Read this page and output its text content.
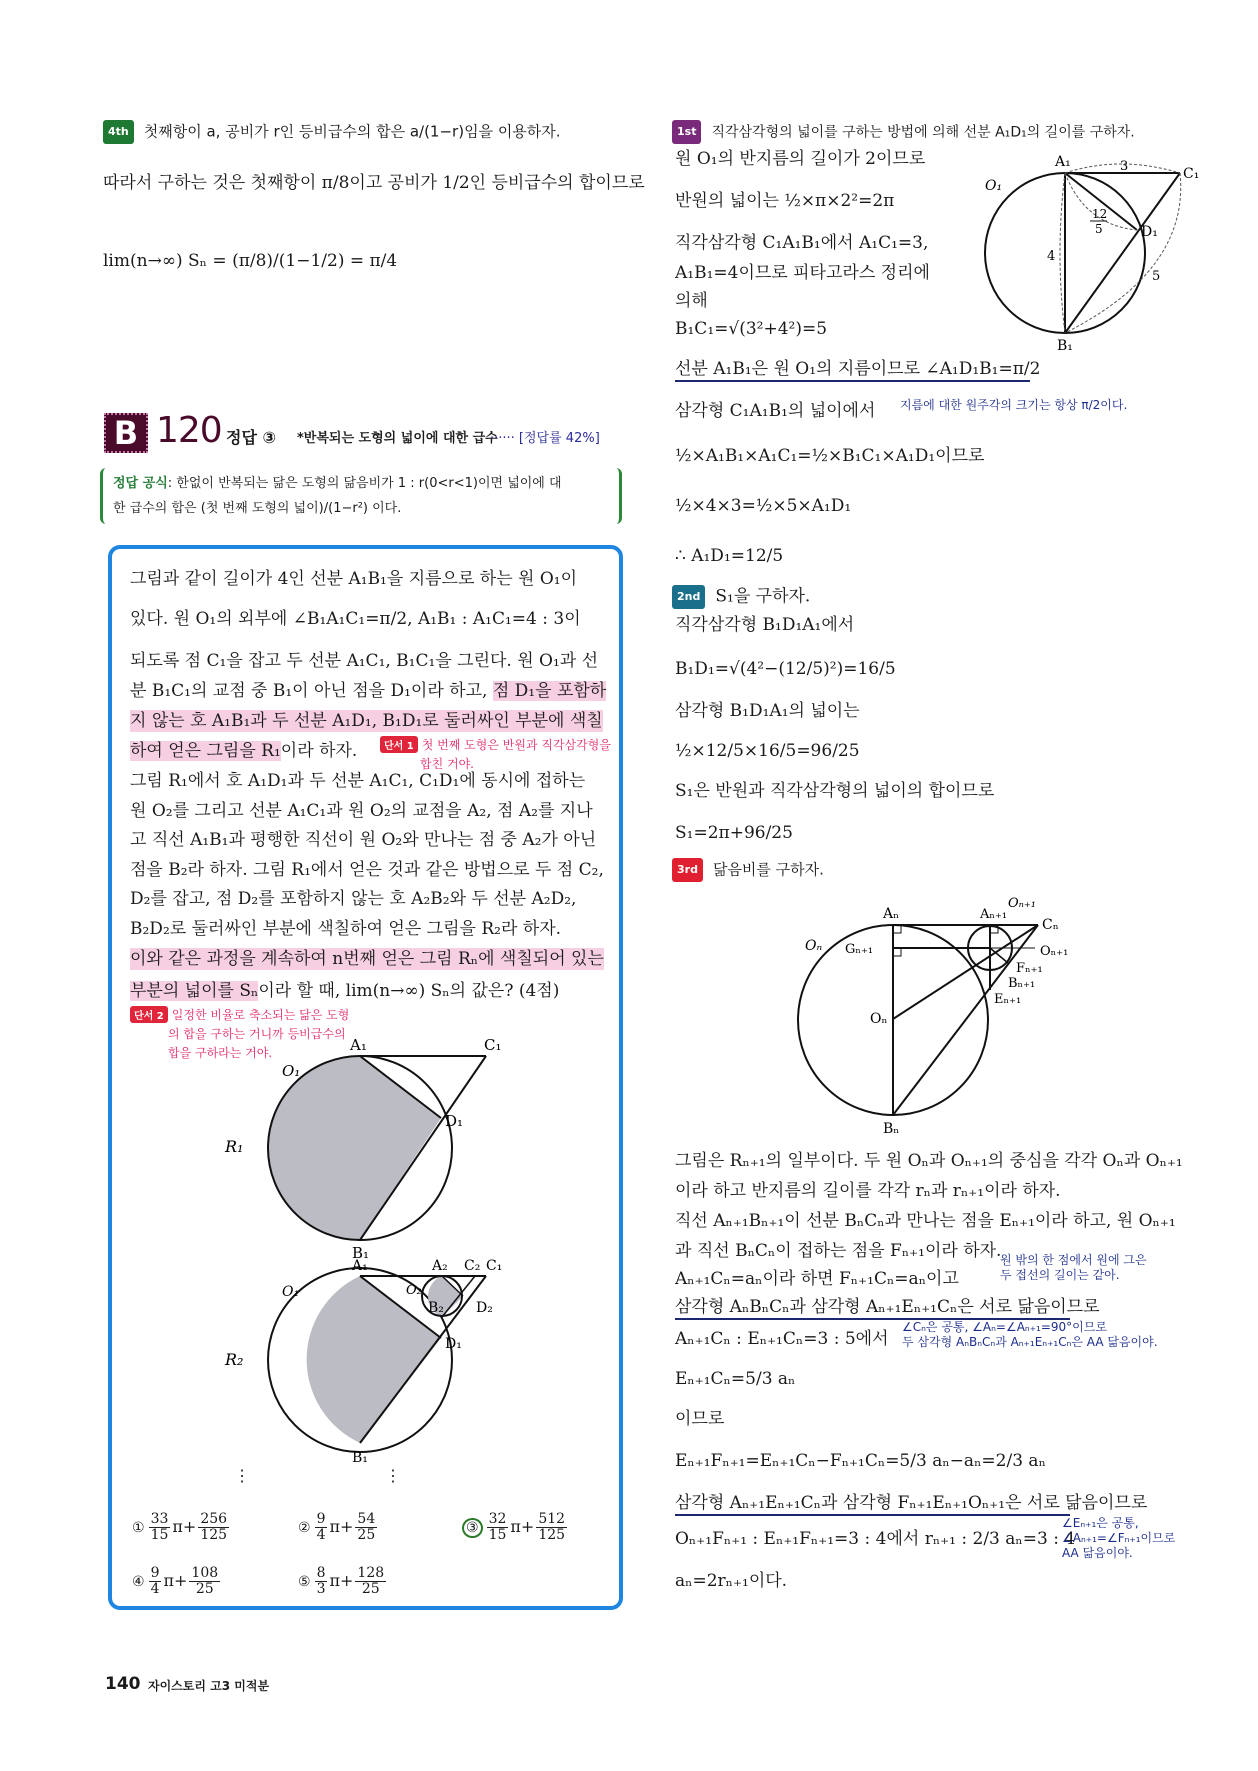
4th 첫째항이 a, 공비가 r인 등비급수의 합은 a/(1−r)임을 이용하자.
따라서 구하는 것은 첫째항이 π/8이고 공비가 1/2인 등비급수의 합이므로
lim(n→∞) Sₙ = (π/8)/(1−1/2) = π/4
B 120 정답 ③ *반복되는 도형의 넓이에 대한 급수
······ [정답률 42%]
정답 공식: 한없이 반복되는 닮은 도형의 닮음비가 1 : r(0<r<1)이면 넓이에 대
한 급수의 합은 (첫 번째 도형의 넓이)/(1−r²) 이다.
그림과 같이 길이가 4인 선분 A₁B₁을 지름으로 하는 원 O₁이
있다. 원 O₁의 외부에 ∠B₁A₁C₁=π/2, A₁B₁ : A₁C₁=4 : 3이
되도록 점 C₁을 잡고 두 선분 A₁C₁, B₁C₁을 그린다. 원 O₁과 선
분 B₁C₁의 교점 중 B₁이 아닌 점을 D₁이라 하고, 점 D₁을 포함하
지 않는 호 A₁B₁과 두 선분 A₁D₁, B₁D₁로 둘러싸인 부분에 색칠
하여 얻은 그림을 R₁이라 하자.	단서 1 첫 번째 도형은 반원과 직각삼각형을
합친 거야.
그림 R₁에서 호 A₁D₁과 두 선분 A₁C₁, C₁D₁에 동시에 접하는
원 O₂를 그리고 선분 A₁C₁과 원 O₂의 교점을 A₂, 점 A₂를 지나
고 직선 A₁B₁과 평행한 직선이 원 O₂와 만나는 점 중 A₂가 아닌
점을 B₂라 하자. 그림 R₁에서 얻은 것과 같은 방법으로 두 점 C₂,
D₂를 잡고, 점 D₂를 포함하지 않는 호 A₂B₂와 두 선분 A₂D₂,
B₂D₂로 둘러싸인 부분에 색칠하여 얻은 그림을 R₂라 하자.
이와 같은 과정을 계속하여 n번째 얻은 그림 Rₙ에 색칠되어 있는
부분의 넓이를 Sₙ이라 할 때, lim(n→∞) Sₙ의 값은? (4점)
단서 2 일정한 비율로 축소되는 닮은 도형
의 합을 구하는 거니까 등비급수의
합을 구하라는 거야.	A₁	C₁
O₁
D₁
B₁
R₁
A₁	A₂ C₂ C₁
O₁	O₂
B₂ D₂
D₁
B₁
R₂
⋮	⋮
① $\frac{33}{15} \pi+ \frac{256}{125}$	② $\frac{9}{4} \pi+ \frac{54}{25}$	③ $\frac{32}{15} \pi+ \frac{512}{125}$
④ $\frac{9}{4} \pi+ \frac{108}{25}$	⑤ $\frac{8}{3} \pi+ \frac{128}{25}$
140 자이스토리 고3 미적분
1st 직각삼각형의 넓이를 구하는 방법에 의해 선분 A₁D₁의 길이를 구하자.
원 O₁의 반지름의 길이가 2이므로
반원의 넓이는 ½×π×2²=2π
직각삼각형 C₁A₁B₁에서 A₁C₁=3,
A₁B₁=4이므로 피타고라스 정리에
의해
B₁C₁=√(3²+4²)=5
선분 A₁B₁은 원 O₁의 지름이므로 ∠A₁D₁B₁=π/2
삼각형 C₁A₁B₁의 넓이에서 지름에 대한 원주각의 크기는 항상 π/2이다.
½×A₁B₁×A₁C₁=½×B₁C₁×A₁D₁이므로
½×4×3=½×5×A₁D₁
∴ A₁D₁=12/5
A₁	3	C₁
O₁
12
5	D₁
4
5
B₁
2nd S₁을 구하자.
직각삼각형 B₁D₁A₁에서
B₁D₁=√(4²−(12/5)²)=16/5
삼각형 B₁D₁A₁의 넓이는
½×12/5×16/5=96/25
S₁은 반원과 직각삼각형의 넓이의 합이므로
S₁=2π+96/25
3rd 닮음비를 구하자.
Aₙ	Aₙ₊₁
Oₙ₊₁
Cₙ
Oₙ Gₙ₊₁	Oₙ₊₁
Fₙ₊₁
Bₙ₊₁
Eₙ₊₁
Oₙ
Bₙ
그림은 Rₙ₊₁의 일부이다. 두 원 Oₙ과 Oₙ₊₁의 중심을 각각 Oₙ과 Oₙ₊₁
이라 하고 반지름의 길이를 각각 rₙ과 rₙ₊₁이라 하자.
직선 Aₙ₊₁Bₙ₊₁이 선분 BₙCₙ과 만나는 점을 Eₙ₊₁이라 하고, 원 Oₙ₊₁
과 직선 BₙCₙ이 접하는 점을 Fₙ₊₁이라 하자.
Aₙ₊₁Cₙ=aₙ이라 하면 Fₙ₊₁Cₙ=aₙ이고
원 밖의 한 점에서 원에 그은
두 접선의 길이는 같아.
삼각형 AₙBₙCₙ과 삼각형 Aₙ₊₁Eₙ₊₁Cₙ은 서로 닮음이므로
Aₙ₊₁Cₙ : Eₙ₊₁Cₙ=3 : 5에서
∠Cₙ은 공통, ∠Aₙ=∠Aₙ₊₁=90°이므로
두 삼각형 AₙBₙCₙ과 Aₙ₊₁Eₙ₊₁Cₙ은 AA 닮음이야.
Eₙ₊₁Cₙ=5/3 aₙ
이므로
Eₙ₊₁Fₙ₊₁=Eₙ₊₁Cₙ−Fₙ₊₁Cₙ=5/3 aₙ−aₙ=2/3 aₙ
삼각형 Aₙ₊₁Eₙ₊₁Cₙ과 삼각형 Fₙ₊₁Eₙ₊₁Oₙ₊₁은 서로 닮음이므로
Oₙ₊₁Fₙ₊₁ : Eₙ₊₁Fₙ₊₁=3 : 4에서 rₙ₊₁ : 2/3 aₙ=3 : 4
∠Eₙ₊₁은 공통,
∠Aₙ₊₁=∠Fₙ₊₁이므로
AA 닮음이야.
aₙ=2rₙ₊₁이다.
